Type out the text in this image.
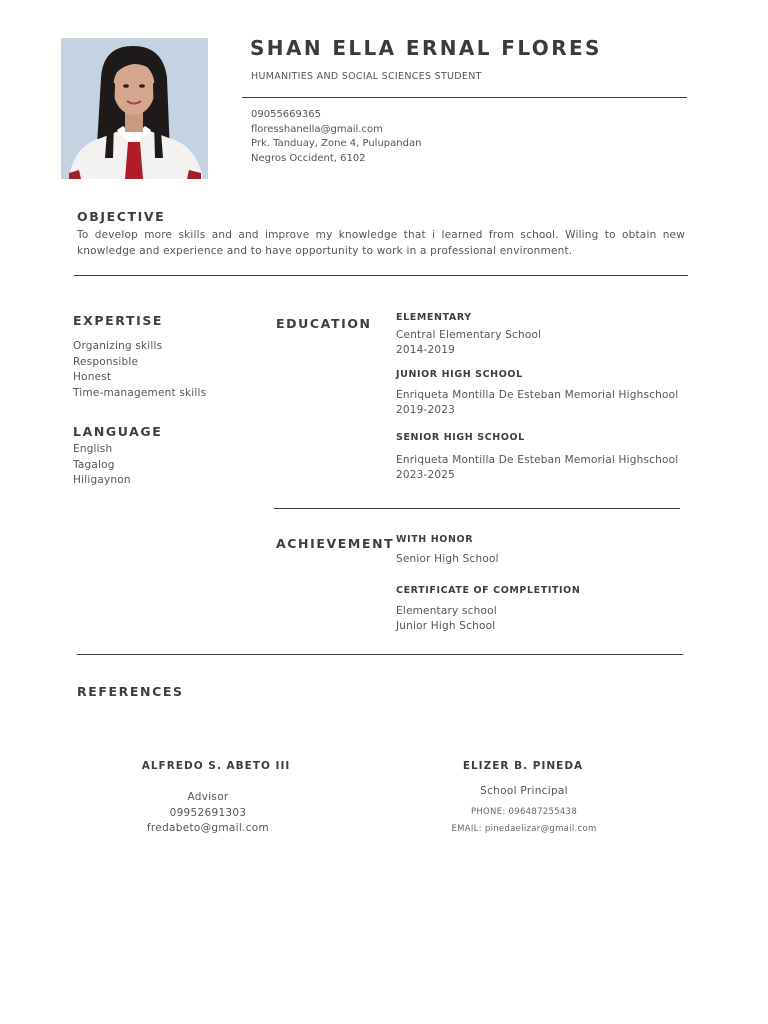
SHAN ELLA ERNAL FLORES
HUMANITIES AND SOCIAL SCIENCES STUDENT
09055669365
floresshanella@gmail.com
Prk. Tanduay, Zone 4, Pulupandan
Negros Occident, 6102
OBJECTIVE
To develop more skills and and improve my knowledge that i learned from school. Wiling to obtain new knowledge and experience and to have opportunity to work in a professional environment.
EXPERTISE
Organizing skills
Responsible
Honest
Time-management skills
LANGUAGE
English
Tagalog
Hiligaynon
EDUCATION	ELEMENTARY
Central Elementary School
2014-2019
JUNIOR HIGH SCHOOL
Enriqueta Montilla De Esteban Memorial Highschool
2019-2023
SENIOR HIGH SCHOOL
Enriqueta Montilla De Esteban Memorial Highschool
2023-2025
ACHIEVEMENT WITH HONOR
Senior High School
CERTIFICATE OF COMPLETITION
Elementary school
Junior High School
REFERENCES
ALFREDO S. ABETO III
Advisor
09952691303
fredabeto@gmail.com
ELIZER B. PINEDA
School Principal
PHONE: 096487255438
EMAIL: pinedaelizar@gmail.com
